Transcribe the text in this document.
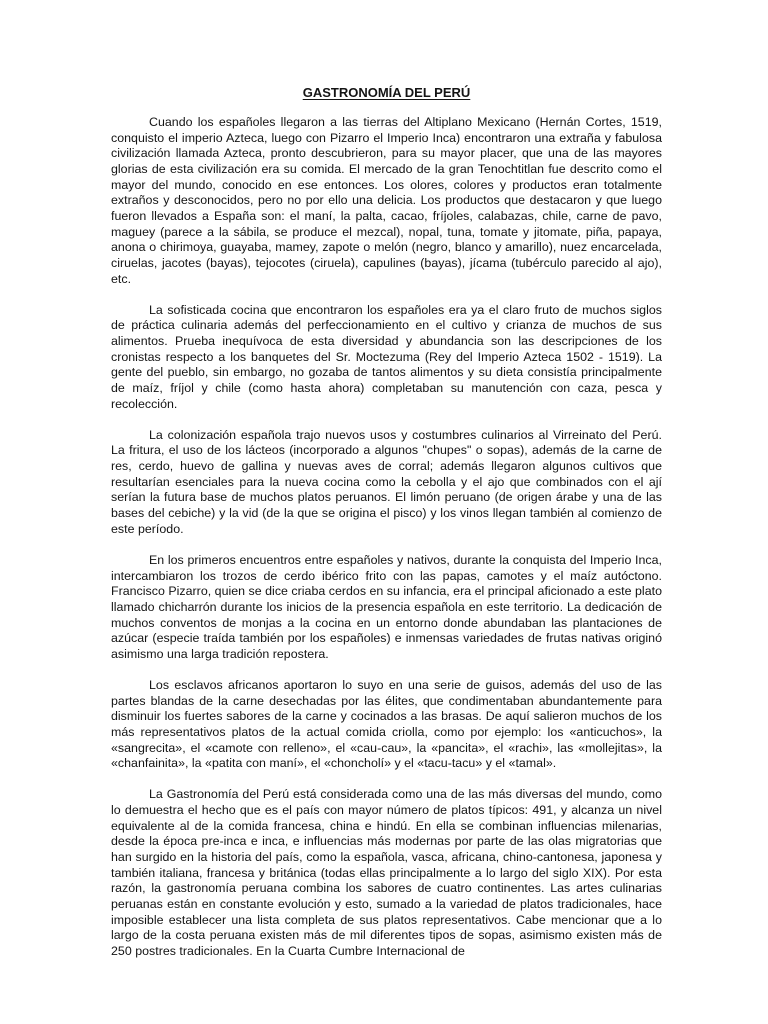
GASTRONOMÍA DEL PERÚ

Cuando los españoles llegaron a las tierras del Altiplano Mexicano (Hernán Cortes, 1519, conquisto el imperio Azteca, luego con Pizarro el Imperio Inca) encontraron una extraña y fabulosa civilización llamada Azteca, pronto descubrieron, para su mayor placer, que una de las mayores glorias de esta civilización era su comida. El mercado de la gran Tenochtitlan fue descrito como el mayor del mundo, conocido en ese entonces. Los olores, colores y productos eran totalmente extraños y desconocidos, pero no por ello una delicia. Los productos que destacaron y que luego fueron llevados a España son: el maní, la palta, cacao, fríjoles, calabazas, chile, carne de pavo, maguey (parece a la sábila, se produce el mezcal), nopal, tuna, tomate y jitomate, piña, papaya, anona o chirimoya, guayaba, mamey, zapote o melón (negro, blanco y amarillo), nuez encarcelada, ciruelas, jacotes (bayas), tejocotes (ciruela), capulines (bayas), jícama (tubérculo parecido al ajo), etc.

La sofisticada cocina que encontraron los españoles era ya el claro fruto de muchos siglos de práctica culinaria además del perfeccionamiento en el cultivo y crianza de muchos de sus alimentos. Prueba inequívoca de esta diversidad y abundancia son las descripciones de los cronistas respecto a los banquetes del Sr. Moctezuma (Rey del Imperio Azteca 1502 - 1519). La gente del pueblo, sin embargo, no gozaba de tantos alimentos y su dieta consistía principalmente de maíz, fríjol y chile (como hasta ahora) completaban su manutención con caza, pesca y recolección.

La colonización española trajo nuevos usos y costumbres culinarios al Virreinato del Perú. La fritura, el uso de los lácteos (incorporado a algunos "chupes" o sopas), además de la carne de res, cerdo, huevo de gallina y nuevas aves de corral; además llegaron algunos cultivos que resultarían esenciales para la nueva cocina como la cebolla y el ajo que combinados con el ají serían la futura base de muchos platos peruanos. El limón peruano (de origen árabe y una de las bases del cebiche) y la vid (de la que se origina el pisco) y los vinos llegan también al comienzo de este período.

En los primeros encuentros entre españoles y nativos, durante la conquista del Imperio Inca, intercambiaron los trozos de cerdo ibérico frito con las papas, camotes y el maíz autóctono. Francisco Pizarro, quien se dice criaba cerdos en su infancia, era el principal aficionado a este plato llamado chicharrón durante los inicios de la presencia española en este territorio. La dedicación de muchos conventos de monjas a la cocina en un entorno donde abundaban las plantaciones de azúcar (especie traída también por los españoles) e inmensas variedades de frutas nativas originó asimismo una larga tradición repostera.

Los esclavos africanos aportaron lo suyo en una serie de guisos, además del uso de las partes blandas de la carne desechadas por las élites, que condimentaban abundantemente para disminuir los fuertes sabores de la carne y cocinados a las brasas. De aquí salieron muchos de los más representativos platos de la actual comida criolla, como por ejemplo: los «anticuchos», la «sangrecita», el «camote con relleno», el «cau-cau», la «pancita», el «rachi», las «mollejitas», la «chanfainita», la «patita con maní», el «choncholí» y el «tacu-tacu» y el «tamal».

La Gastronomía del Perú está considerada como una de las más diversas del mundo, como lo demuestra el hecho que es el país con mayor número de platos típicos: 491, y alcanza un nivel equivalente al de la comida francesa, china e hindú. En ella se combinan influencias milenarias, desde la época pre-inca e inca, e influencias más modernas por parte de las olas migratorias que han surgido en la historia del país, como la española, vasca, africana, chino-cantonesa, japonesa y también italiana, francesa y británica (todas ellas principalmente a lo largo del siglo XIX). Por esta razón, la gastronomía peruana combina los sabores de cuatro continentes. Las artes culinarias peruanas están en constante evolución y esto, sumado a la variedad de platos tradicionales, hace imposible establecer una lista completa de sus platos representativos. Cabe mencionar que a lo largo de la costa peruana existen más de mil diferentes tipos de sopas, asimismo existen más de 250 postres tradicionales. En la Cuarta Cumbre Internacional de
